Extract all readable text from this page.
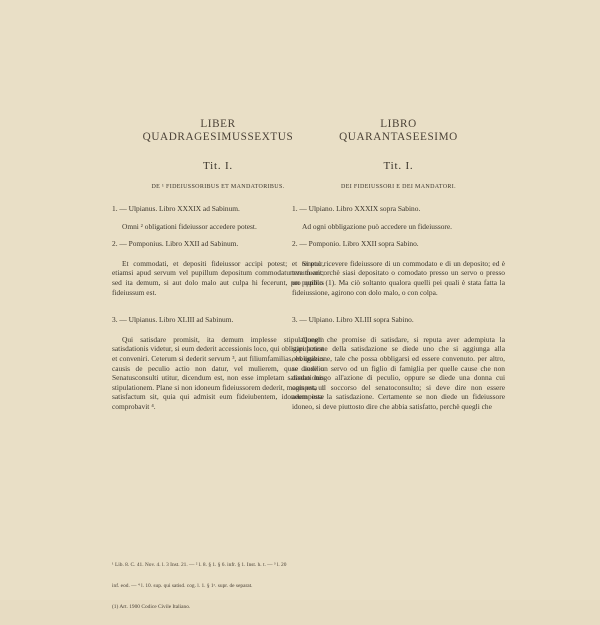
LIBER

QUADRAGESIMUSSEXTUS

Tit. I.

DE ¹ FIDEIUSSORIBUS ET MANDATORIBUS.

1. — Ulpianus. Libro XXXIX ad Sabinum.

Omni ² obligationi fideiussor accedere potest.

2. — Pomponius. Libro XXII ad Sabinum.

Et commodati, et depositi fideiussor accipi potest; et tenetur, etiamsi apud servum vel pupillum depositum commodatumve fuerit; sed ita demum, si aut dolo malo aut culpa hi fecerunt, pro quibus fideiussum est.

3. — Ulpianus. Libro XLIII ad Sabinum.

Qui satisdare promisit, ita demum implesse stipulationem satisdationis videtur, si eum dederit accessionis loco, qui obligari potest et conveniri. Ceterum si dederit servum ³, aut filiumfamilias, ex quibus causis de peculio actio non datur, vel mulierem, quae auxilio Senatusconsulti utitur, dicendum est, non esse impletam satisdationis stipulationem. Plane si non idoneum fideiussorem dederit, magis est, ut satisfactum sit, quia qui admisit eum fideiubentem, idoneum esse comprobavit ⁴.

LIBRO

QUARANTASEESIMO

Tit. I.

DEI FIDEIUSSORI E DEI MANDATORI.

1. — Ulpiano. Libro XXXIX sopra Sabino.

Ad ogni obbligazione può accedere un fideiussore.

2. — Pomponio. Libro XXII sopra Sabino.

Si può ricevere fideiussore di un commodato e di un deposito; ed è tenuto ancorchè siasi depositato o comodato presso un servo o presso un pupillo (1). Ma ciò soltanto qualora quelli pei quali è stata fatta la fideiussione, agirono con dolo malo, o con colpa.

3. — Ulpiano. Libro XLIII sopra Sabino.

Quegli che promise di satisdare, si reputa aver adempiuta la stipulazione della satisdazione se diede uno che si aggiunga alla obbligazione, tale che possa obbligarsi ed essere convenuto. per altro, se diede un servo od un figlio di famiglia per quelle cause che non danno luogo all'azione di peculio, oppure se diede una donna cui competa il soccorso del senatoconsulto; si deve dire non essere adempiuta la satisdazione. Certamente se non diede un fideiussore idoneo, si deve piuttosto dire che abbia satisfatto, perchè quegli che

¹ Lib. 8. C. 41. Nov. 4. l. 3 Inst. 21. — ² l. 8. § 1. § 6. infr. § 1. Inst. h. t. — ³ l. 20

inf. eod. — ⁴ l. 10. sup. qui satisd. cog. l. 1. § 1ᵃ. supr. de separat.

(1) Art. 1900 Codice Civile Italiano.
